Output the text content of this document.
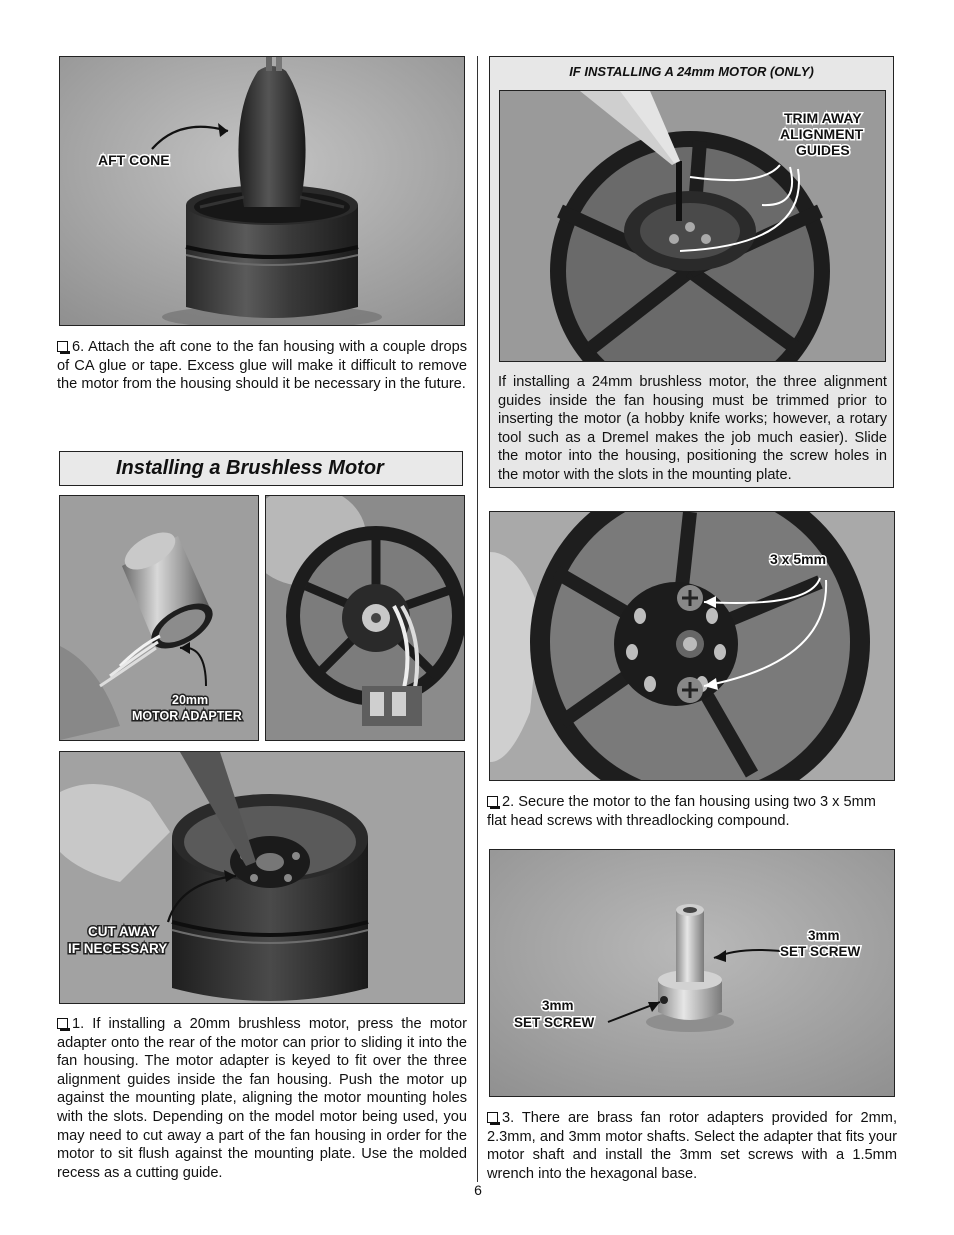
AFT CONE

6. Attach the aft cone to the fan housing with a couple drops of CA glue or tape. Excess glue will make it difficult to remove the motor from the housing should it be necessary in the future.

Installing a Brushless Motor
20mm
MOTOR ADAPTER
CUT AWAY
IF NECESSARY

1. If installing a 20mm brushless motor, press the motor adapter onto the rear of the motor can prior to sliding it into the fan housing. The motor adapter is keyed to fit over the three alignment guides inside the fan housing. Push the motor up against the mounting plate, aligning the motor mounting holes with the slots. Depending on the model motor being used, you may need to cut away a part of the fan housing in order for the motor to sit flush against the mounting plate. Use the molded recess as a cutting guide.

IF INSTALLING A 24mm MOTOR (ONLY)
TRIM AWAY
ALIGNMENT
GUIDES

If installing a 24mm brushless motor, the three alignment guides inside the fan housing must be trimmed prior to inserting the motor (a hobby knife works; however, a rotary tool such as a Dremel makes the job much easier). Slide the motor into the housing, positioning the screw holes in the motor with the slots in the mounting plate.

3 x 5mm

2. Secure the motor to the fan housing using two 3 x 5mm flat head screws with threadlocking compound.

3mm
SET SCREW
3mm
SET SCREW

3. There are brass fan rotor adapters provided for 2mm, 2.3mm, and 3mm motor shafts. Select the adapter that fits your motor shaft and install the 3mm set screws with a 1.5mm wrench into the hexagonal base.

6
